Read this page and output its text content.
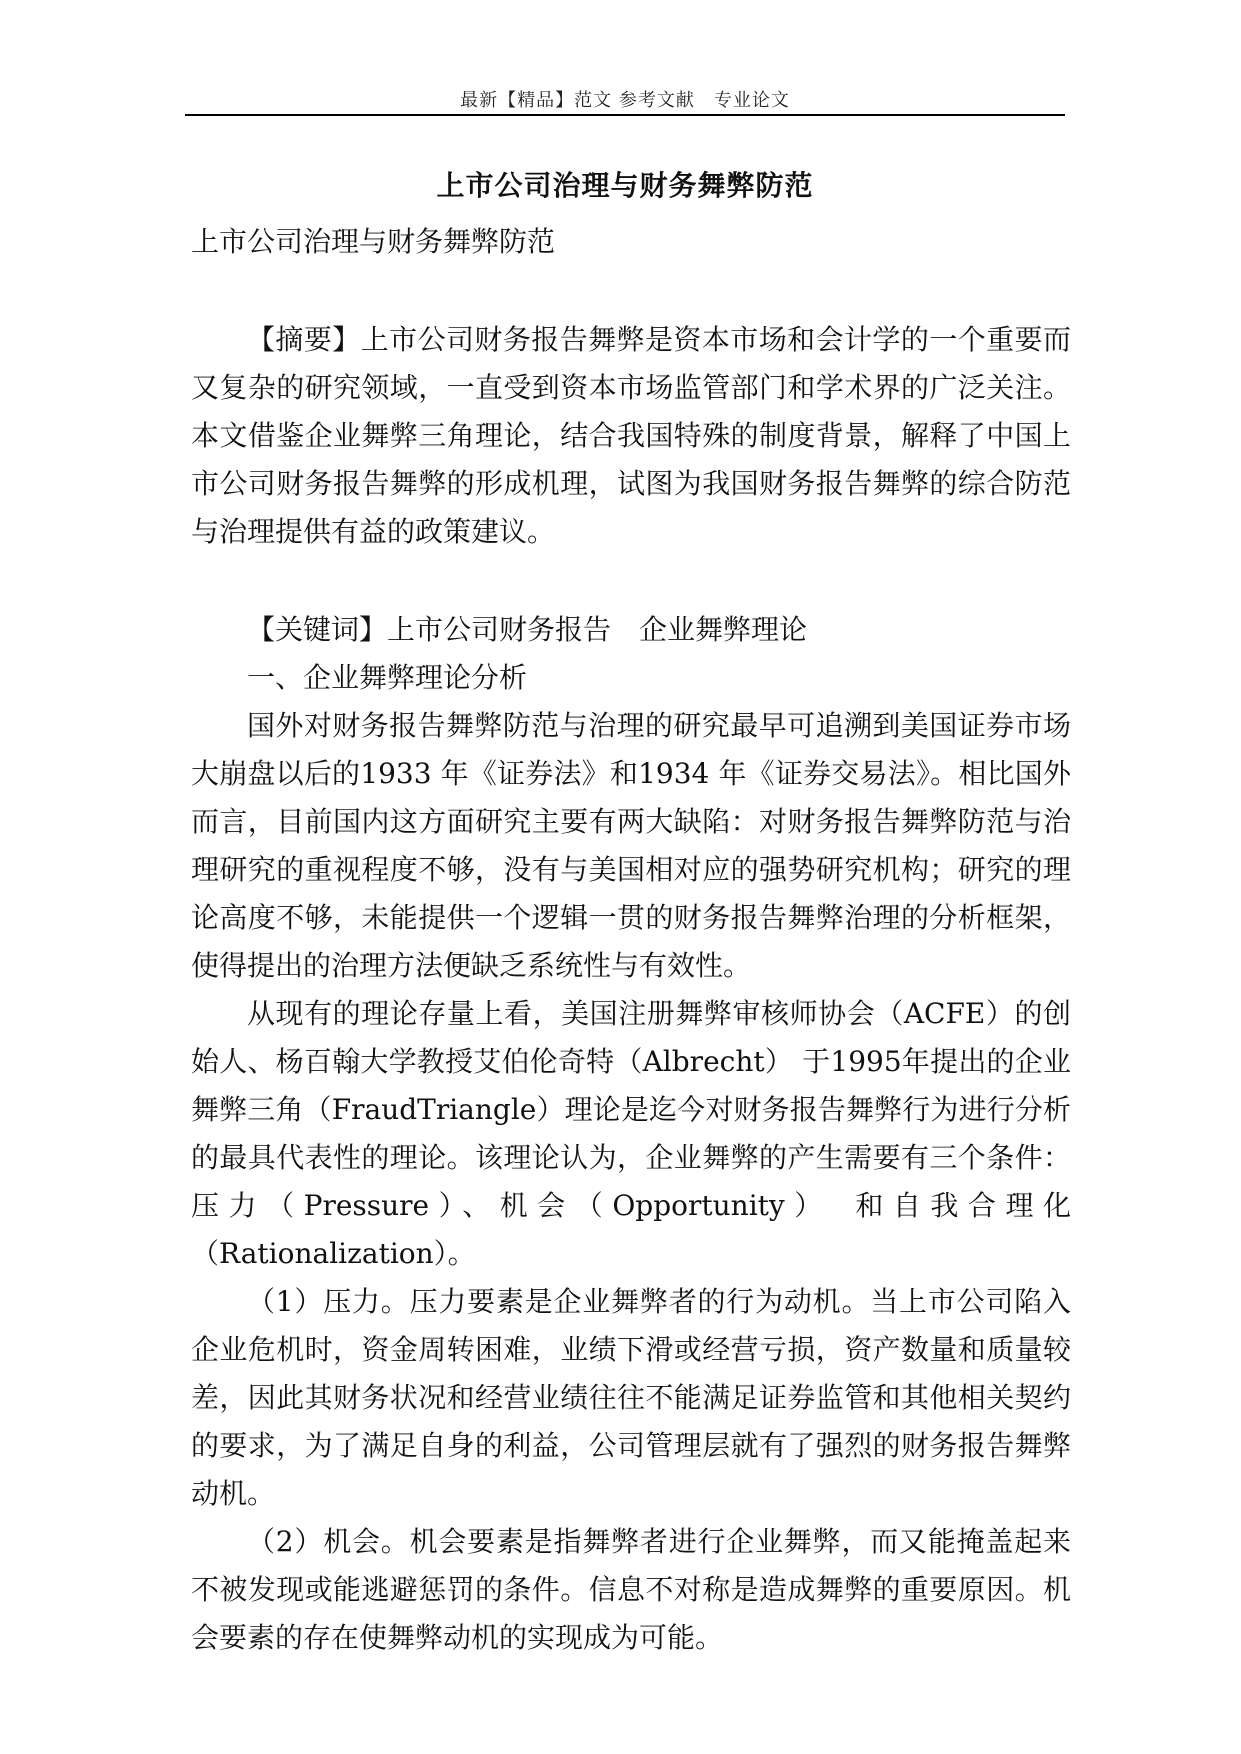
最新【精品】范文 参考文献　专业论文
上市公司治理与财务舞弊防范

上市公司治理与财务舞弊防范

【摘要】上市公司财务报告舞弊是资本市场和会计学的一个重要而又复杂的研究领域，一直受到资本市场监管部门和学术界的广泛关注。本文借鉴企业舞弊三角理论，结合我国特殊的制度背景，解释了中国上市公司财务报告舞弊的形成机理，试图为我国财务报告舞弊的综合防范与治理提供有益的政策建议。

【关键词】上市公司财务报告　企业舞弊理论

一、企业舞弊理论分析

国外对财务报告舞弊防范与治理的研究最早可追溯到美国证券市场大崩盘以后的1933 年《证券法》和1934 年《证券交易法》。相比国外而言，目前国内这方面研究主要有两大缺陷：对财务报告舞弊防范与治理研究的重视程度不够，没有与美国相对应的强势研究机构；研究的理论高度不够，未能提供一个逻辑一贯的财务报告舞弊治理的分析框架，使得提出的治理方法便缺乏系统性与有效性。

从现有的理论存量上看，美国注册舞弊审核师协会（ACFE）的创始人、杨百翰大学教授艾伯伦奇特（Albrecht） 于1995年提出的企业舞弊三角（FraudTriangle）理论是迄今对财务报告舞弊行为进行分析的最具代表性的理论。该理论认为，企业舞弊的产生需要有三个条件：压力（Pressure）、机会（Opportunity）　和自我合理化（Rationalization）。

（1）压力。压力要素是企业舞弊者的行为动机。当上市公司陷入企业危机时，资金周转困难，业绩下滑或经营亏损，资产数量和质量较差，因此其财务状况和经营业绩往往不能满足证券监管和其他相关契约的要求，为了满足自身的利益，公司管理层就有了强烈的财务报告舞弊动机。

（2）机会。机会要素是指舞弊者进行企业舞弊，而又能掩盖起来不被发现或能逃避惩罚的条件。信息不对称是造成舞弊的重要原因。机会要素的存在使舞弊动机的实现成为可能。
